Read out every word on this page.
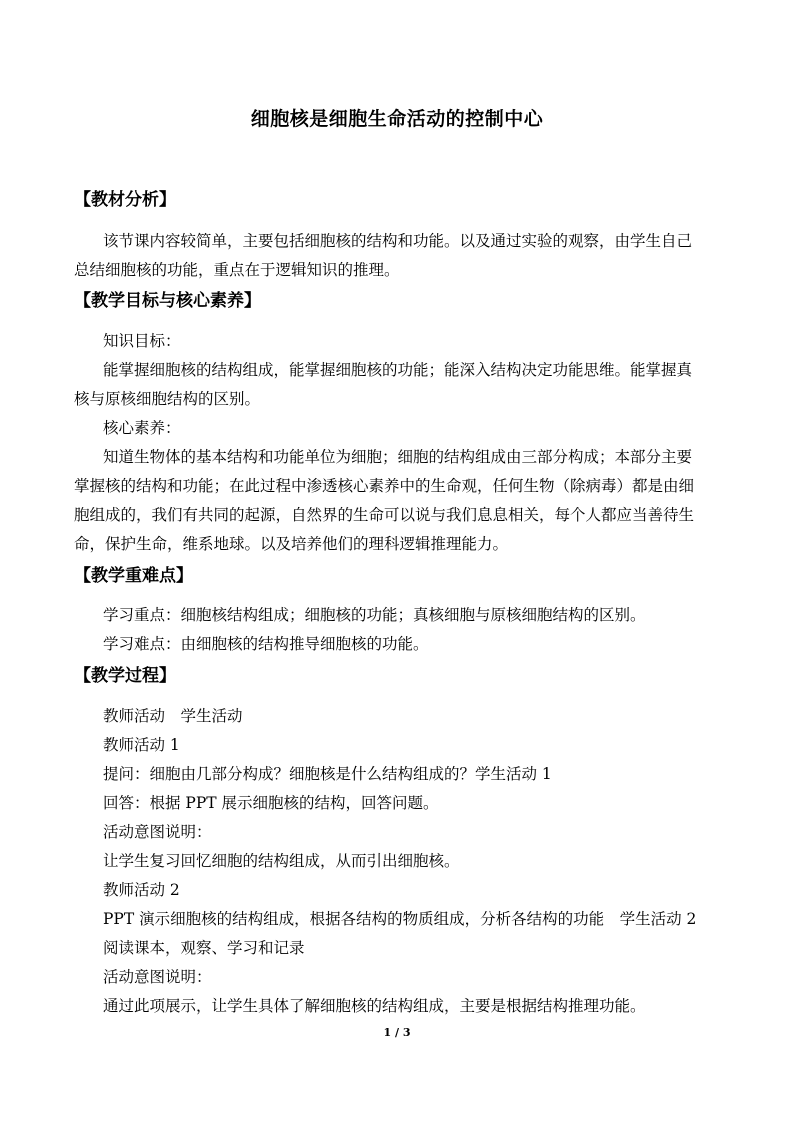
细胞核是细胞生命活动的控制中心
【教材分析】
该节课内容较简单，主要包括细胞核的结构和功能。以及通过实验的观察，由学生自己
总结细胞核的功能，重点在于逻辑知识的推理。
【教学目标与核心素养】
知识目标：
能掌握细胞核的结构组成，能掌握细胞核的功能；能深入结构决定功能思维。能掌握真
核与原核细胞结构的区别。
核心素养：
知道生物体的基本结构和功能单位为细胞；细胞的结构组成由三部分构成；本部分主要
掌握核的结构和功能；在此过程中渗透核心素养中的生命观，任何生物（除病毒）都是由细
胞组成的，我们有共同的起源，自然界的生命可以说与我们息息相关，每个人都应当善待生
命，保护生命，维系地球。以及培养他们的理科逻辑推理能力。
【教学重难点】
学习重点：细胞核结构组成；细胞核的功能；真核细胞与原核细胞结构的区别。
学习难点：由细胞核的结构推导细胞核的功能。
【教学过程】
教师活动　学生活动
教师活动 1
提问：细胞由几部分构成？细胞核是什么结构组成的？学生活动 1
回答：根据 PPT 展示细胞核的结构，回答问题。
活动意图说明：
让学生复习回忆细胞的结构组成，从而引出细胞核。
教师活动 2
PPT 演示细胞核的结构组成，根据各结构的物质组成，分析各结构的功能　学生活动 2
阅读课本，观察、学习和记录
活动意图说明：
通过此项展示，让学生具体了解细胞核的结构组成，主要是根据结构推理功能。
1 / 3
